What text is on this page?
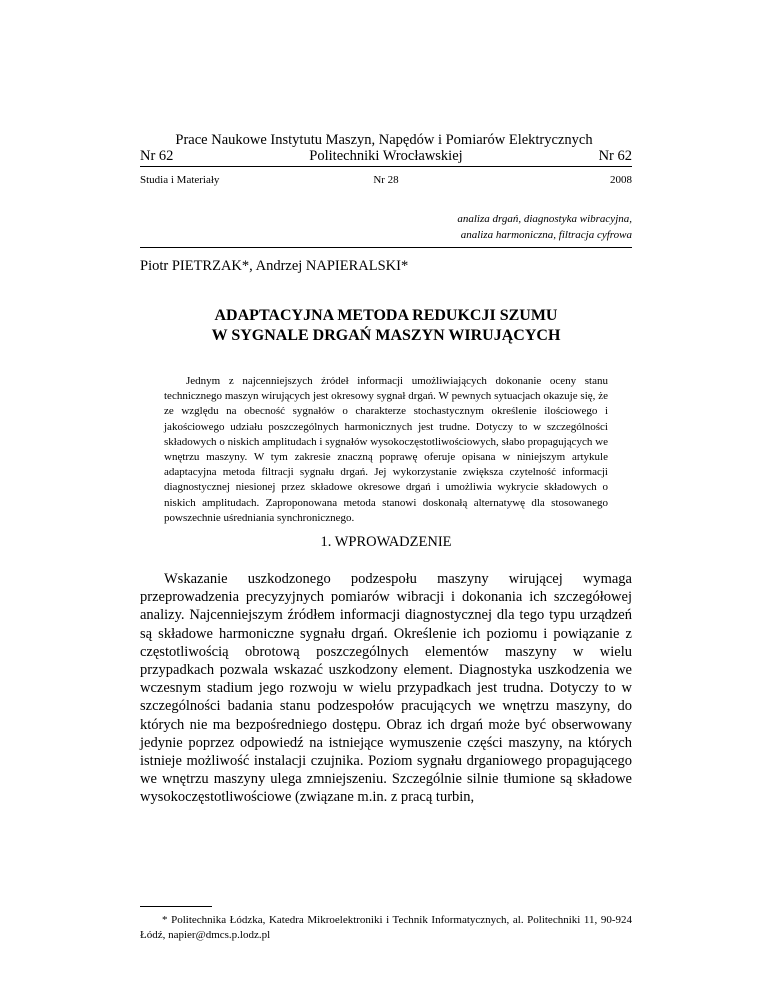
Prace Naukowe Instytutu Maszyn, Napędów i Pomiarów Elektrycznych
Politechniki Wrocławskiej
Nr 62	Nr 62
Nr 28
Studia i Materiały	2008
analiza drgań, diagnostyka wibracyjna,
analiza harmoniczna, filtracja cyfrowa
Piotr PIETRZAK*, Andrzej NAPIERALSKI*
ADAPTACYJNA METODA REDUKCJI SZUMU
W SYGNALE DRGAŃ MASZYN WIRUJĄCYCH

Jednym z najcenniejszych źródeł informacji umożliwiających dokonanie oceny stanu technicznego maszyn wirujących jest okresowy sygnał drgań. W pewnych sytuacjach okazuje się, że ze względu na obecność sygnałów o charakterze stochastycznym określenie ilościowego i jakościowego udziału poszczególnych harmonicznych jest trudne. Dotyczy to w szczególności składowych o niskich amplitudach i sygnałów wysokoczęstotliwościowych, słabo propagujących we wnętrzu maszyny. W tym zakresie znaczną poprawę oferuje opisana w niniejszym artykule adaptacyjna metoda filtracji sygnału drgań. Jej wykorzystanie zwiększa czytelność informacji diagnostycznej niesionej przez składowe okresowe drgań i umożliwia wykrycie składowych o niskich amplitudach. Zaproponowana metoda stanowi doskonałą alternatywę dla stosowanego powszechnie uśredniania synchronicznego.

1. WPROWADZENIE

Wskazanie uszkodzonego podzespołu maszyny wirującej wymaga przeprowadzenia precyzyjnych pomiarów wibracji i dokonania ich szczegółowej analizy. Najcenniejszym źródłem informacji diagnostycznej dla tego typu urządzeń są składowe harmoniczne sygnału drgań. Określenie ich poziomu i powiązanie z częstotliwością obrotową poszczególnych elementów maszyny w wielu przypadkach pozwala wskazać uszkodzony element. Diagnostyka uszkodzenia we wczesnym stadium jego rozwoju w wielu przypadkach jest trudna. Dotyczy to w szczególności badania stanu podzespołów pracujących we wnętrzu maszyny, do których nie ma bezpośredniego dostępu. Obraz ich drgań może być obserwowany jedynie poprzez odpowiedź na istniejące wymuszenie części maszyny, na których istnieje możliwość instalacji czujnika. Poziom sygnału drganiowego propagującego we wnętrzu maszyny ulega zmniejszeniu. Szczególnie silnie tłumione są składowe wysokoczęstotliwościowe (związane m.in. z pracą turbin,

* Politechnika Łódzka, Katedra Mikroelektroniki i Technik Informatycznych, al. Politechniki 11, 90-924 Łódź, napier@dmcs.p.lodz.pl
